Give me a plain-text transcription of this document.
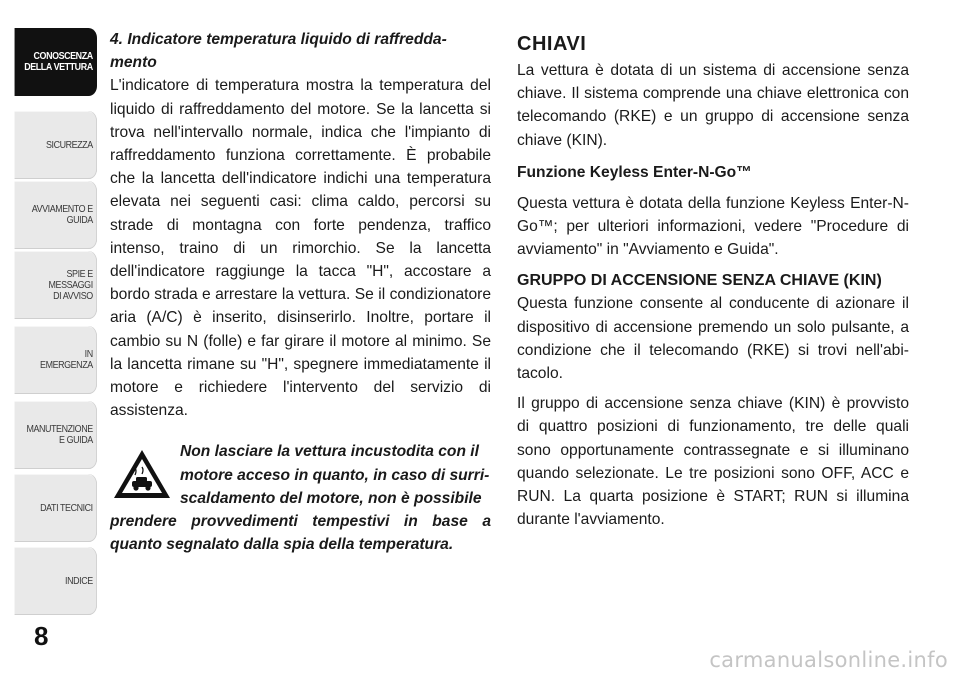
CONOSCENZA
DELLA VETTURA
SICUREZZA
AVVIAMENTO E
GUIDA
SPIE E
MESSAGGI
DI AVVISO
IN
EMERGENZA
MANUTENZIONE
E GUIDA
DATI TECNICI
INDICE
8

4. Indicatore temperatura liquido di raffredda-mento

L'indicatore di temperatura mostra la temperatura del liquido di raffreddamento del motore. Se la lancetta si trova nell'intervallo normale, indica che l'impianto di raffreddamento funziona correttamente. È probabile che la lancetta dell'indicatore indichi una temperatura elevata nei seguenti casi: clima caldo, percorsi su strade di montagna con forte pendenza, traffico intenso, traino di un rimorchio. Se la lancetta dell'indicatore raggiunge la tacca "H", accostare a bordo strada e arrestare la vettura. Se il condizionatore aria (A/C) è inserito, disinserirlo. Inoltre, portare il cambio su N (folle) e far girare il motore al minimo. Se la lancetta rimane su "H", spegnere immediatamente il motore e richiedere l'intervento del servizio di assistenza.

Non lasciare la vettura incustodita con il
motore acceso in quanto, in caso di surri-
scaldamento del motore, non è possibile
prendere provvedimenti tempestivi in base a quanto segnalato dalla spia della temperatura.
CHIAVI

La vettura è dotata di un sistema di accensione senza chiave. Il sistema comprende una chiave elettronica con telecomando (RKE) e un gruppo di accensione senza chiave (KIN).

Funzione Keyless Enter-N-Go™

Questa vettura è dotata della funzione Keyless Enter-N-Go™; per ulteriori informazioni, vedere "Procedure di avviamento" in "Avviamento e Guida".

GRUPPO DI ACCENSIONE SENZA CHIAVE (KIN)

Questa funzione consente al conducente di azionare il dispositivo di accensione premendo un solo pulsante, a condizione che il telecomando (RKE) si trovi nell'abi-tacolo.

Il gruppo di accensione senza chiave (KIN) è provvisto di quattro posizioni di funzionamento, tre delle quali sono opportunamente contrassegnate e si illuminano quando selezionate. Le tre posizioni sono OFF, ACC e RUN. La quarta posizione è START; RUN si illumina durante l'avviamento.

carmanualsonline.info
